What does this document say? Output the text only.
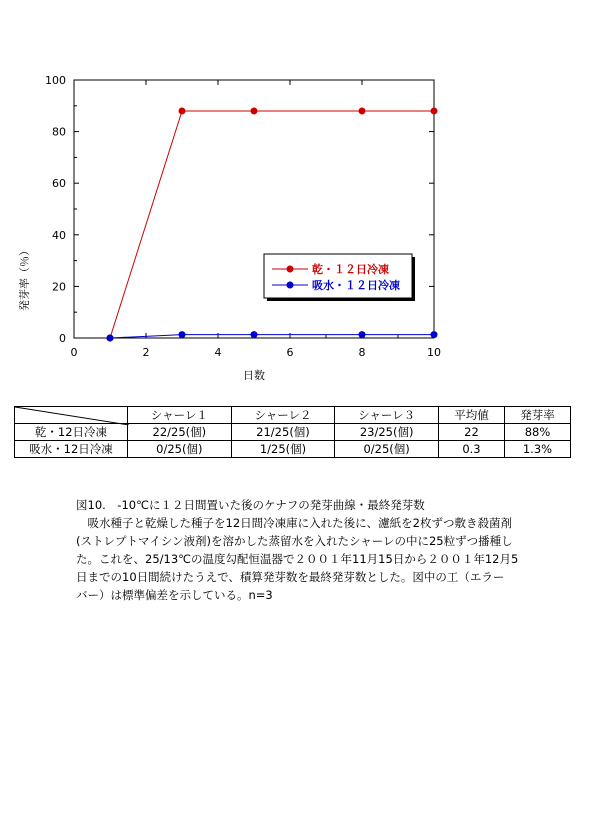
0
20
40
60
80
100
0	2	4	6	8	10
日数
発芽率（％）	乾・１２日冷凍
吸水・１２日冷凍
	シャーレ１	シャーレ２	シャーレ３	平均値	発芽率
乾・12日冷凍	22/25(個)	21/25(個)	23/25(個)	22	88%
吸水・12日冷凍	0/25(個)	1/25(個)	0/25(個)	0.3	1.3%

図10.　-10℃に１２日間置いた後のケナフの発芽曲線・最終発芽数

　吸水種子と乾燥した種子を12日間冷凍庫に入れた後に、濾紙を2枚ずつ敷き殺菌剤

(ストレプトマイシン液剤)を溶かした蒸留水を入れたシャーレの中に25粒ずつ播種し

た。これを、25/13℃の温度勾配恒温器で２００１年11月15日から２００１年12月5

日までの10日間続けたうえで、積算発芽数を最終発芽数とした。図中の工（エラー

バー）は標準偏差を示している。n=3
